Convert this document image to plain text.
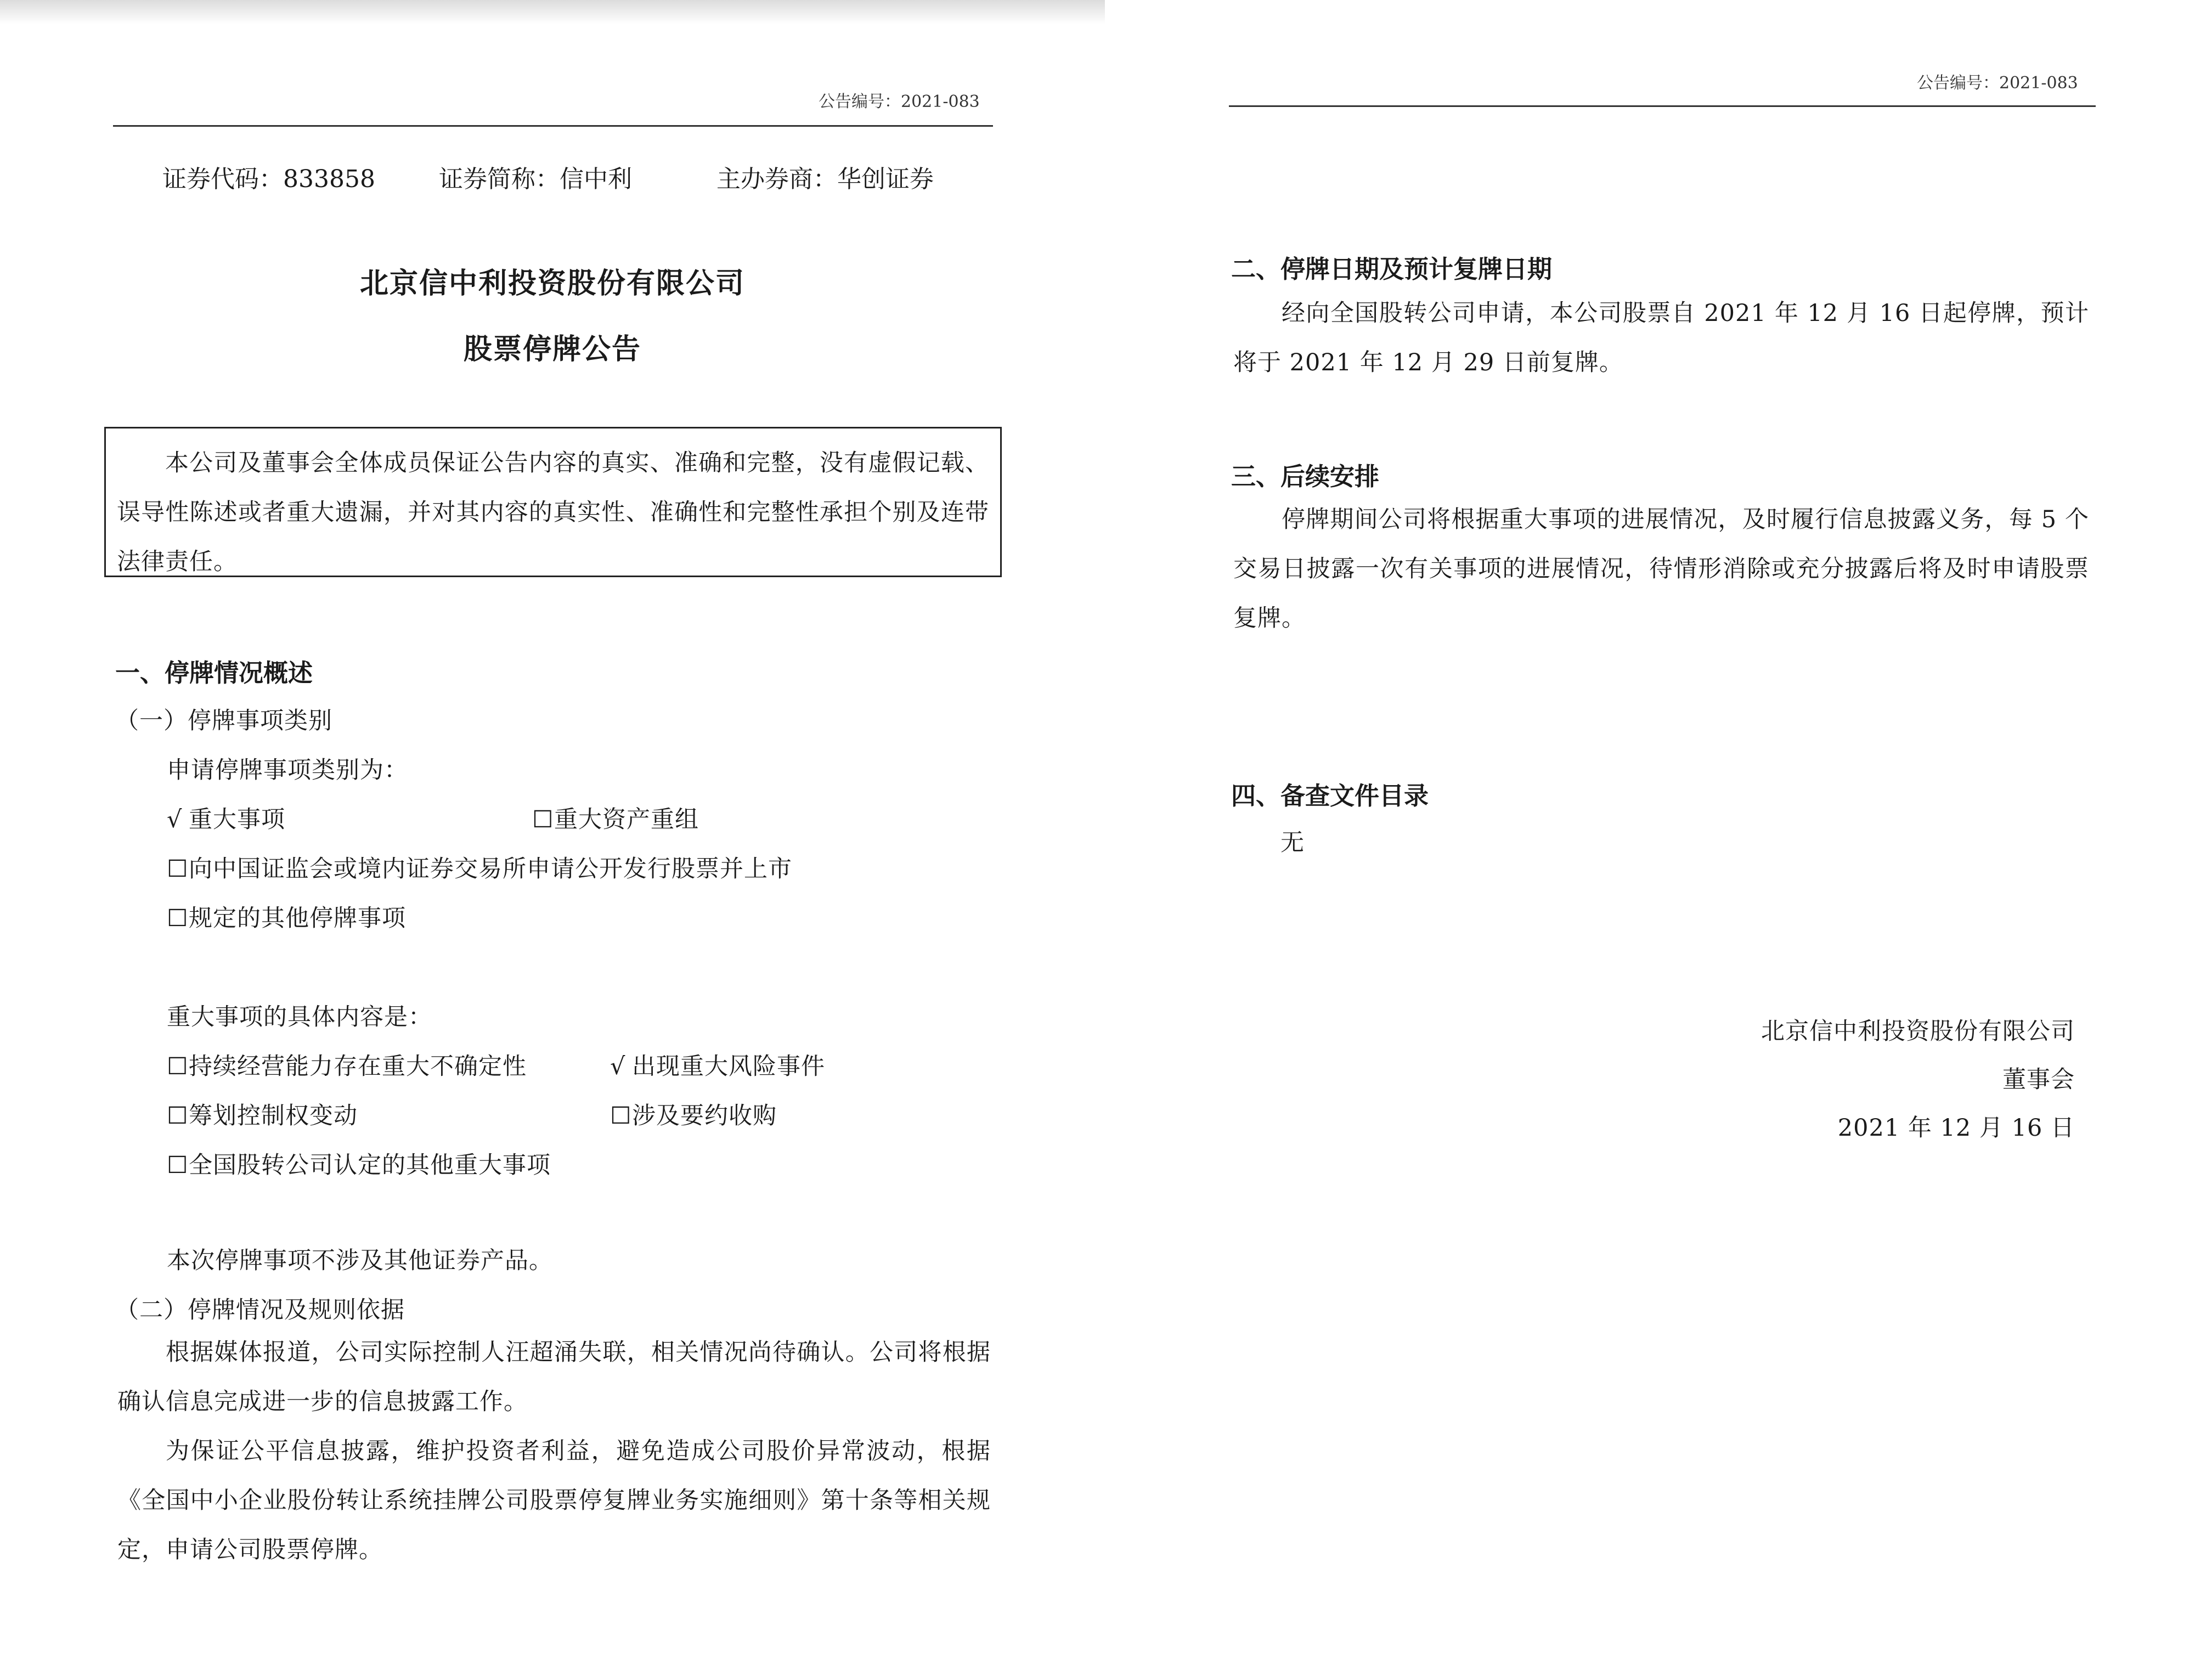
公告编号：2021-083
证券代码：833858	证券简称：信中利	主办券商：华创证券
北京信中利投资股份有限公司
股票停牌公告
本公司及董事会全体成员保证公告内容的真实、准确和完整，没有虚假记载、误导性陈述或者重大遗漏，并对其内容的真实性、准确性和完整性承担个别及连带法律责任。
一、停牌情况概述
（一）停牌事项类别
申请停牌事项类别为：
√ 重大事项	☐重大资产重组
☐向中国证监会或境内证券交易所申请公开发行股票并上市
☐规定的其他停牌事项
重大事项的具体内容是：
☐持续经营能力存在重大不确定性	√ 出现重大风险事件
☐筹划控制权变动	☐涉及要约收购
☐全国股转公司认定的其他重大事项
本次停牌事项不涉及其他证券产品。
（二）停牌情况及规则依据
根据媒体报道，公司实际控制人汪超涌失联，相关情况尚待确认。公司将根据确认信息完成进一步的信息披露工作。
为保证公平信息披露，维护投资者利益，避免造成公司股价异常波动，根据《全国中小企业股份转让系统挂牌公司股票停复牌业务实施细则》第十条等相关规定，申请公司股票停牌。
公告编号：2021-083
二、停牌日期及预计复牌日期
经向全国股转公司申请，本公司股票自 2021 年 12 月 16 日起停牌，预计将于 2021 年 12 月 29 日前复牌。
三、后续安排
停牌期间公司将根据重大事项的进展情况，及时履行信息披露义务，每 5 个交易日披露一次有关事项的进展情况，待情形消除或充分披露后将及时申请股票复牌。
四、备查文件目录
无
北京信中利投资股份有限公司
董事会
2021 年 12 月 16 日
